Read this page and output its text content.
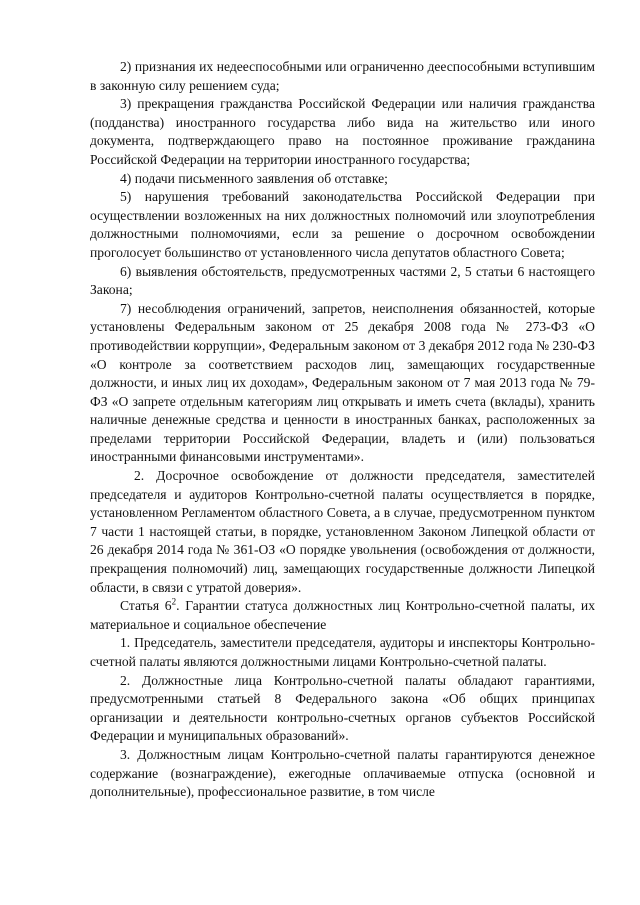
2) признания их недееспособными или ограниченно дееспособными вступившим в законную силу решением суда;

3) прекращения гражданства Российской Федерации или наличия гражданства (подданства) иностранного государства либо вида на жительство или иного документа, подтверждающего право на постоянное проживание гражданина Российской Федерации на территории иностранного государства;

4) подачи письменного заявления об отставке;

5) нарушения требований законодательства Российской Федерации при осуществлении возложенных на них должностных полномочий или злоупотребления должностными полномочиями, если за решение о досрочном освобождении проголосует большинство от установленного числа депутатов областного Совета;

6) выявления обстоятельств, предусмотренных частями 2, 5 статьи 6 настоящего Закона;

7) несоблюдения ограничений, запретов, неисполнения обязанностей, которые установлены Федеральным законом от 25 декабря 2008 года № 273-ФЗ «О противодействии коррупции», Федеральным законом от 3 декабря 2012 года № 230-ФЗ «О контроле за соответствием расходов лиц, замещающих государственные должности, и иных лиц их доходам», Федеральным законом от 7 мая 2013 года № 79-ФЗ «О запрете отдельным категориям лиц открывать и иметь счета (вклады), хранить наличные денежные средства и ценности в иностранных банках, расположенных за пределами территории Российской Федерации, владеть и (или) пользоваться иностранными финансовыми инструментами».

2. Досрочное освобождение от должности председателя, заместителей председателя и аудиторов Контрольно-счетной палаты осуществляется в порядке, установленном Регламентом областного Совета, а в случае, предусмотренном пунктом 7 части 1 настоящей статьи, в порядке, установленном Законом Липецкой области от 26 декабря 2014 года № 361-ОЗ «О порядке увольнения (освобождения от должности, прекращения полномочий) лиц, замещающих государственные должности Липецкой области, в связи с утратой доверия».

Статья $6^2$. Гарантии статуса должностных лиц Контрольно-счетной палаты, их материальное и социальное обеспечение

1. Председатель, заместители председателя, аудиторы и инспекторы Контрольно-счетной палаты являются должностными лицами Контрольно-счетной палаты.

2. Должностные лица Контрольно-счетной палаты обладают гарантиями, предусмотренными статьей 8 Федерального закона «Об общих принципах организации и деятельности контрольно-счетных органов субъектов Российской Федерации и муниципальных образований».

3. Должностным лицам Контрольно-счетной палаты гарантируются денежное содержание (вознаграждение), ежегодные оплачиваемые отпуска (основной и дополнительные), профессиональное развитие, в том числе
